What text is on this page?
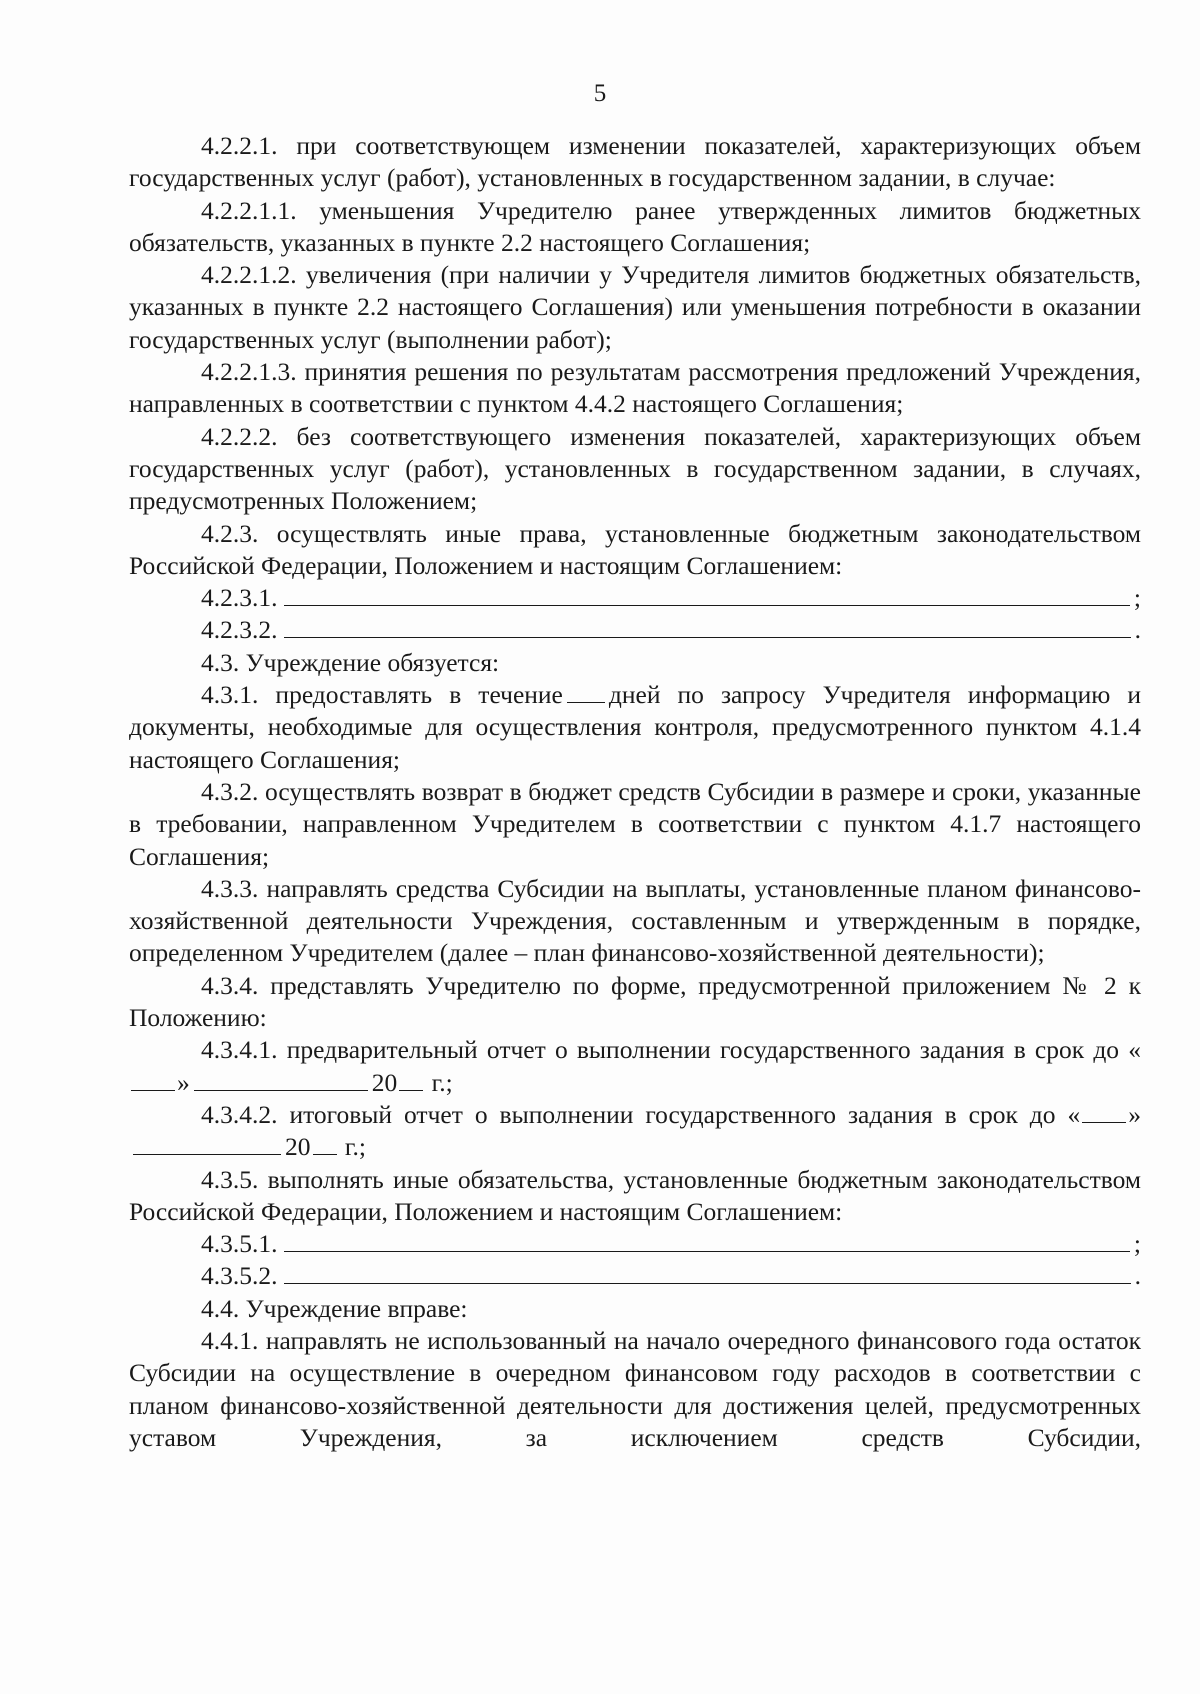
5

4.2.2.1. при соответствующем изменении показателей, характеризующих объем государственных услуг (работ), установленных в государственном задании, в случае:

4.2.2.1.1. уменьшения Учредителю ранее утвержденных лимитов бюджетных обязательств, указанных в пункте 2.2 настоящего Соглашения;

4.2.2.1.2. увеличения (при наличии у Учредителя лимитов бюджетных обязательств, указанных в пункте 2.2 настоящего Соглашения) или уменьшения потребности в оказании государственных услуг (выполнении работ);

4.2.2.1.3. принятия решения по результатам рассмотрения предложений Учреждения, направленных в соответствии с пунктом 4.4.2 настоящего Соглашения;

4.2.2.2. без соответствующего изменения показателей, характеризующих объем государственных услуг (работ), установленных в государственном задании, в случаях, предусмотренных Положением;

4.2.3. осуществлять иные права, установленные бюджетным законодательством Российской Федерации, Положением и настоящим Соглашением:

4.2.3.1.	;
4.2.3.2.	.

4.3. Учреждение обязуется:

4.3.1. предоставлять в течение дней по запросу Учредителя информацию и документы, необходимые для осуществления контроля, предусмотренного пунктом 4.1.4 настоящего Соглашения;

4.3.2. осуществлять возврат в бюджет средств Субсидии в размере и сроки, указанные в требовании, направленном Учредителем в соответствии с пунктом 4.1.7 настоящего Соглашения;

4.3.3. направлять средства Субсидии на выплаты, установленные планом финансово-хозяйственной деятельности Учреждения, составленным и утвержденным в порядке, определенном Учредителем (далее – план финансово-хозяйственной деятельности);

4.3.4. представлять Учредителю по форме, предусмотренной приложением № 2 к Положению:

4.3.4.1. предварительный отчет о выполнении государственного задания в срок до «»	20 г.;

4.3.4.2. итоговый отчет о выполнении государственного задания в срок до « »20 г.;

4.3.5. выполнять иные обязательства, установленные бюджетным законодательством Российской Федерации, Положением и настоящим Соглашением:

4.3.5.1.	;
4.3.5.2.	.

4.4. Учреждение вправе:

4.4.1. направлять не использованный на начало очередного финансового года остаток Субсидии на осуществление в очередном финансовом году расходов в соответствии с планом финансово-хозяйственной деятельности для достижения целей, предусмотренных уставом Учреждения, за исключением средств Субсидии,
